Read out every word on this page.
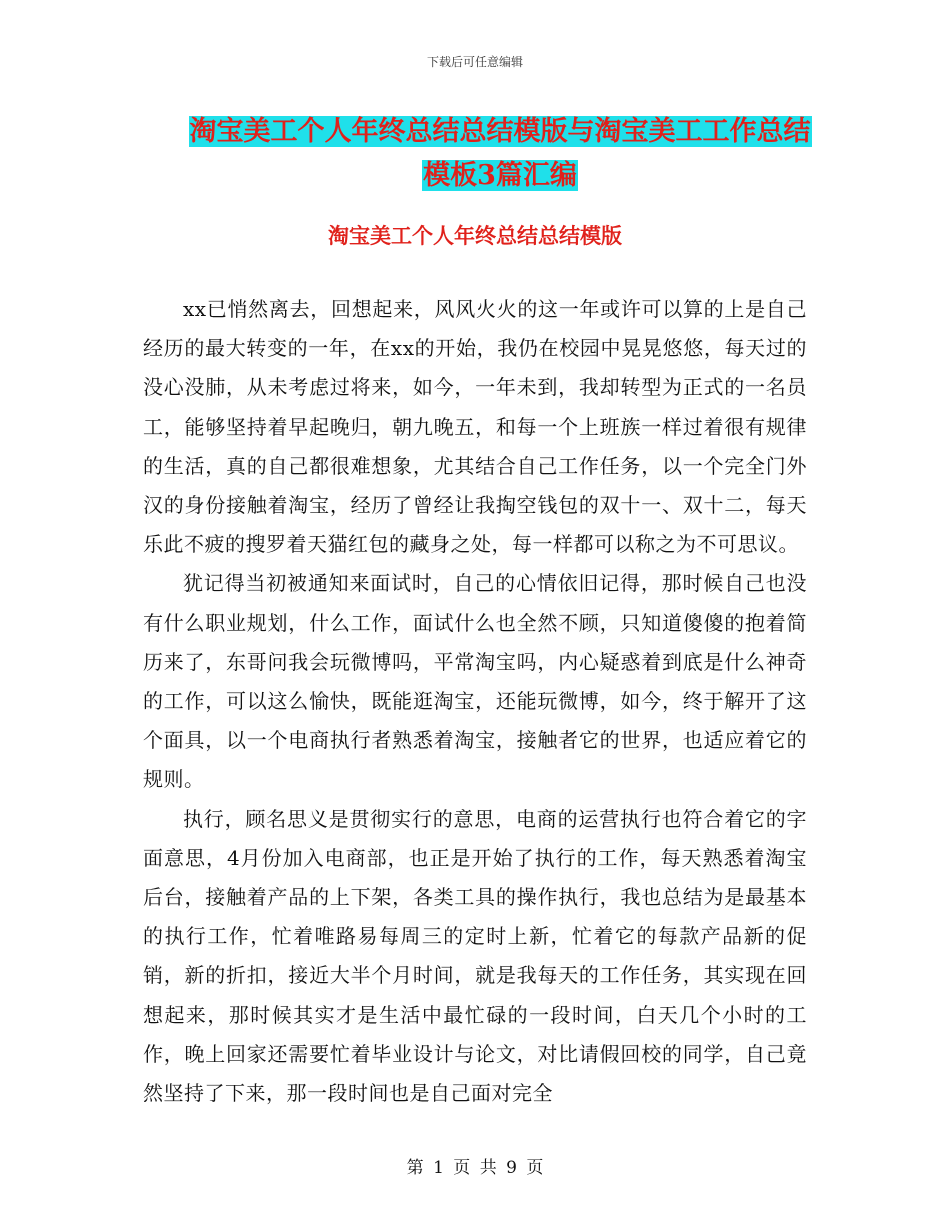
下载后可任意编辑
淘宝美工个人年终总结总结模版与淘宝美工工作总结
模板3篇汇编
淘宝美工个人年终总结总结模版

xx已悄然离去，回想起来，风风火火的这一年或许可以算的上是自己经历的最大转变的一年，在xx的开始，我仍在校园中晃晃悠悠，每天过的没心没肺，从未考虑过将来，如今，一年未到，我却转型为正式的一名员工，能够坚持着早起晚归，朝九晚五，和每一个上班族一样过着很有规律的生活，真的自己都很难想象，尤其结合自己工作任务，以一个完全门外汉的身份接触着淘宝，经历了曾经让我掏空钱包的双十一、双十二，每天乐此不疲的搜罗着天猫红包的藏身之处，每一样都可以称之为不可思议。

犹记得当初被通知来面试时，自己的心情依旧记得，那时候自己也没有什么职业规划，什么工作，面试什么也全然不顾，只知道傻傻的抱着简历来了，东哥问我会玩微博吗，平常淘宝吗，内心疑惑着到底是什么神奇的工作，可以这么愉快，既能逛淘宝，还能玩微博，如今，终于解开了这个面具，以一个电商执行者熟悉着淘宝，接触者它的世界，也适应着它的规则。

执行，顾名思义是贯彻实行的意思，电商的运营执行也符合着它的字面意思，4月份加入电商部，也正是开始了执行的工作，每天熟悉着淘宝后台，接触着产品的上下架，各类工具的操作执行，我也总结为是最基本的执行工作，忙着唯路易每周三的定时上新，忙着它的每款产品新的促销，新的折扣，接近大半个月时间，就是我每天的工作任务，其实现在回想起来，那时候其实才是生活中最忙碌的一段时间，白天几个小时的工作，晚上回家还需要忙着毕业设计与论文，对比请假回校的同学，自己竟然坚持了下来，那一段时间也是自己面对完全

第 1 页 共 9 页
